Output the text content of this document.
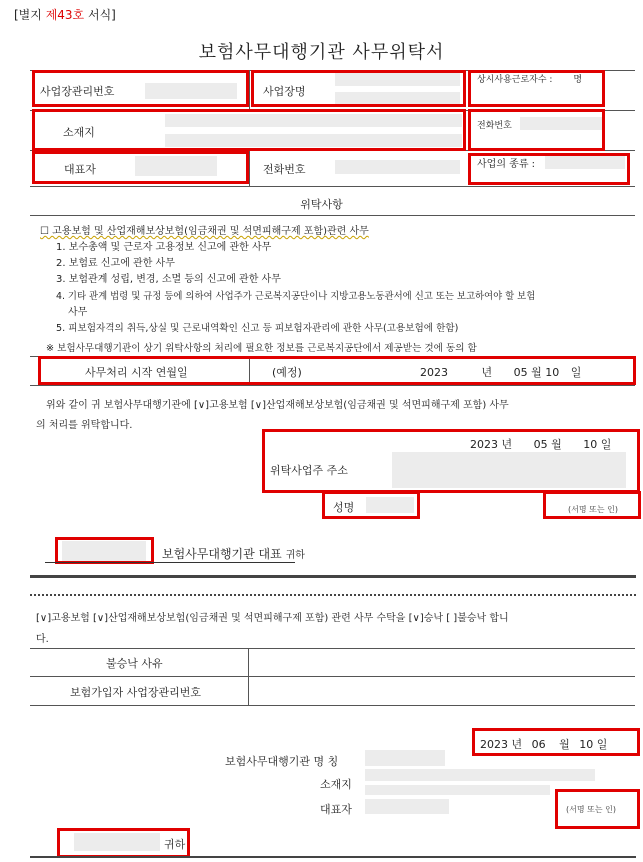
[별지 제43호 서식]
보험사무대행기관 사무위탁서
사업장관리번호	사업장명
상시사용근로자수 : 명
소재지	전화번호
대표자	전화번호	사업의 종류 :
위탁사항
☐ 고용보험 및 산업재해보상보험(임금채권 및 석면피해구제 포함)관련 사무
1. 보수총액 및 근로자 고용정보 신고에 관한 사무
2. 보험료 신고에 관한 사무
3. 보험관계 성립, 변경, 소멸 등의 신고에 관한 사무
4. 기타 관계 법령 및 규정 등에 의하여 사업주가 근로복지공단이나 지방고용노동관서에 신고 또는 보고하여야 할 보험
사무
5. 피보험자격의 취득,상실 및 근로내역확인 신고 등 피보험자관리에 관한 사무(고용보험에 한함)
※ 보험사무대행기관이 상기 위탁사항의 처리에 필요한 정보를 근로복지공단에서 제공받는 것에 동의 함
사무처리 시작 연월일	(예정)	2023	년 05 월 10 일
위와 같이 귀 보험사무대행기관에 [∨]고용보험 [∨]산업재해보상보험(임금채권 및 석면피해구제 포함) 사무
의 처리를 위탁합니다.
2023 년 05 월 10 일
위탁사업주 주소
성명	(서명 또는 인)
보험사무대행기관 대표 귀하
[∨]고용보험 [∨]산업재해보상보험(임금채권 및 석면피해구제 포함) 관련 사무 수탁을 [∨]승낙 [ ]불승낙 합니
다.
불승낙 사유
보험가입자 사업장관리번호
2023 년 06 월 10 일
보험사무대행기관 명 칭
소재지
대표자	(서명 또는 인)
귀하
